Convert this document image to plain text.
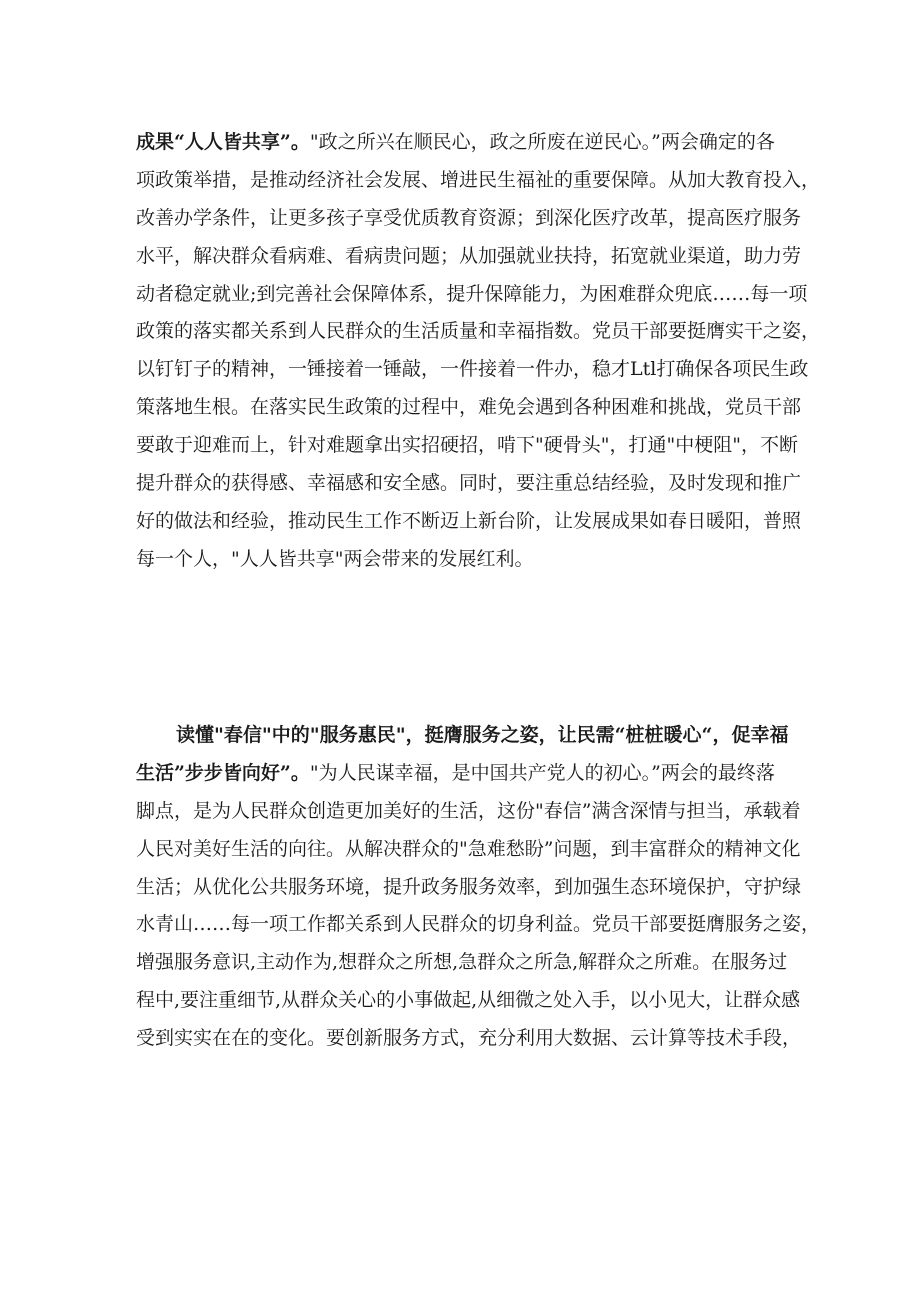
成果“人人皆共享”。"政之所兴在顺民心，政之所废在逆民心。”两会确定的各
项政策举措，是推动经济社会发展、增进民生福祉的重要保障。从加大教育投入，
改善办学条件，让更多孩子享受优质教育资源；到深化医疗改革，提高医疗服务
水平，解决群众看病难、看病贵问题；从加强就业扶持，拓宽就业渠道，助力劳
动者稳定就业;到完善社会保障体系，提升保障能力，为困难群众兜底……每一项
政策的落实都关系到人民群众的生活质量和幸福指数。党员干部要挺膺实干之姿，
以钉钉子的精神，一锤接着一锤敲，一件接着一件办，稳才Ltl打确保各项民生政
策落地生根。在落实民生政策的过程中，难免会遇到各种困难和挑战，党员干部
要敢于迎难而上，针对难题拿出实招硬招，啃下"硬骨头"，打通"中梗阻"，不断
提升群众的获得感、幸福感和安全感。同时，要注重总结经验，及时发现和推广
好的做法和经验，推动民生工作不断迈上新台阶，让发展成果如春日暖阳，普照
每一个人，"人人皆共享"两会带来的发展红利。
读懂"春信"中的"服务惠民"，挺膺服务之姿，让民需“桩桩暖心“，促幸福
生活”步步皆向好”。"为人民谋幸福，是中国共产党人的初心。”两会的最终落
脚点，是为人民群众创造更加美好的生活，这份"春信”满含深情与担当，承载着
人民对美好生活的向往。从解决群众的"急难愁盼”问题，到丰富群众的精神文化
生活；从优化公共服务环境，提升政务服务效率，到加强生态环境保护，守护绿
水青山……每一项工作都关系到人民群众的切身利益。党员干部要挺膺服务之姿，
增强服务意识,主动作为,想群众之所想,急群众之所急,解群众之所难。在服务过
程中,要注重细节,从群众关心的小事做起,从细微之处入手，以小见大，让群众感
受到实实在在的变化。要创新服务方式，充分利用大数据、云计算等技术手段，
